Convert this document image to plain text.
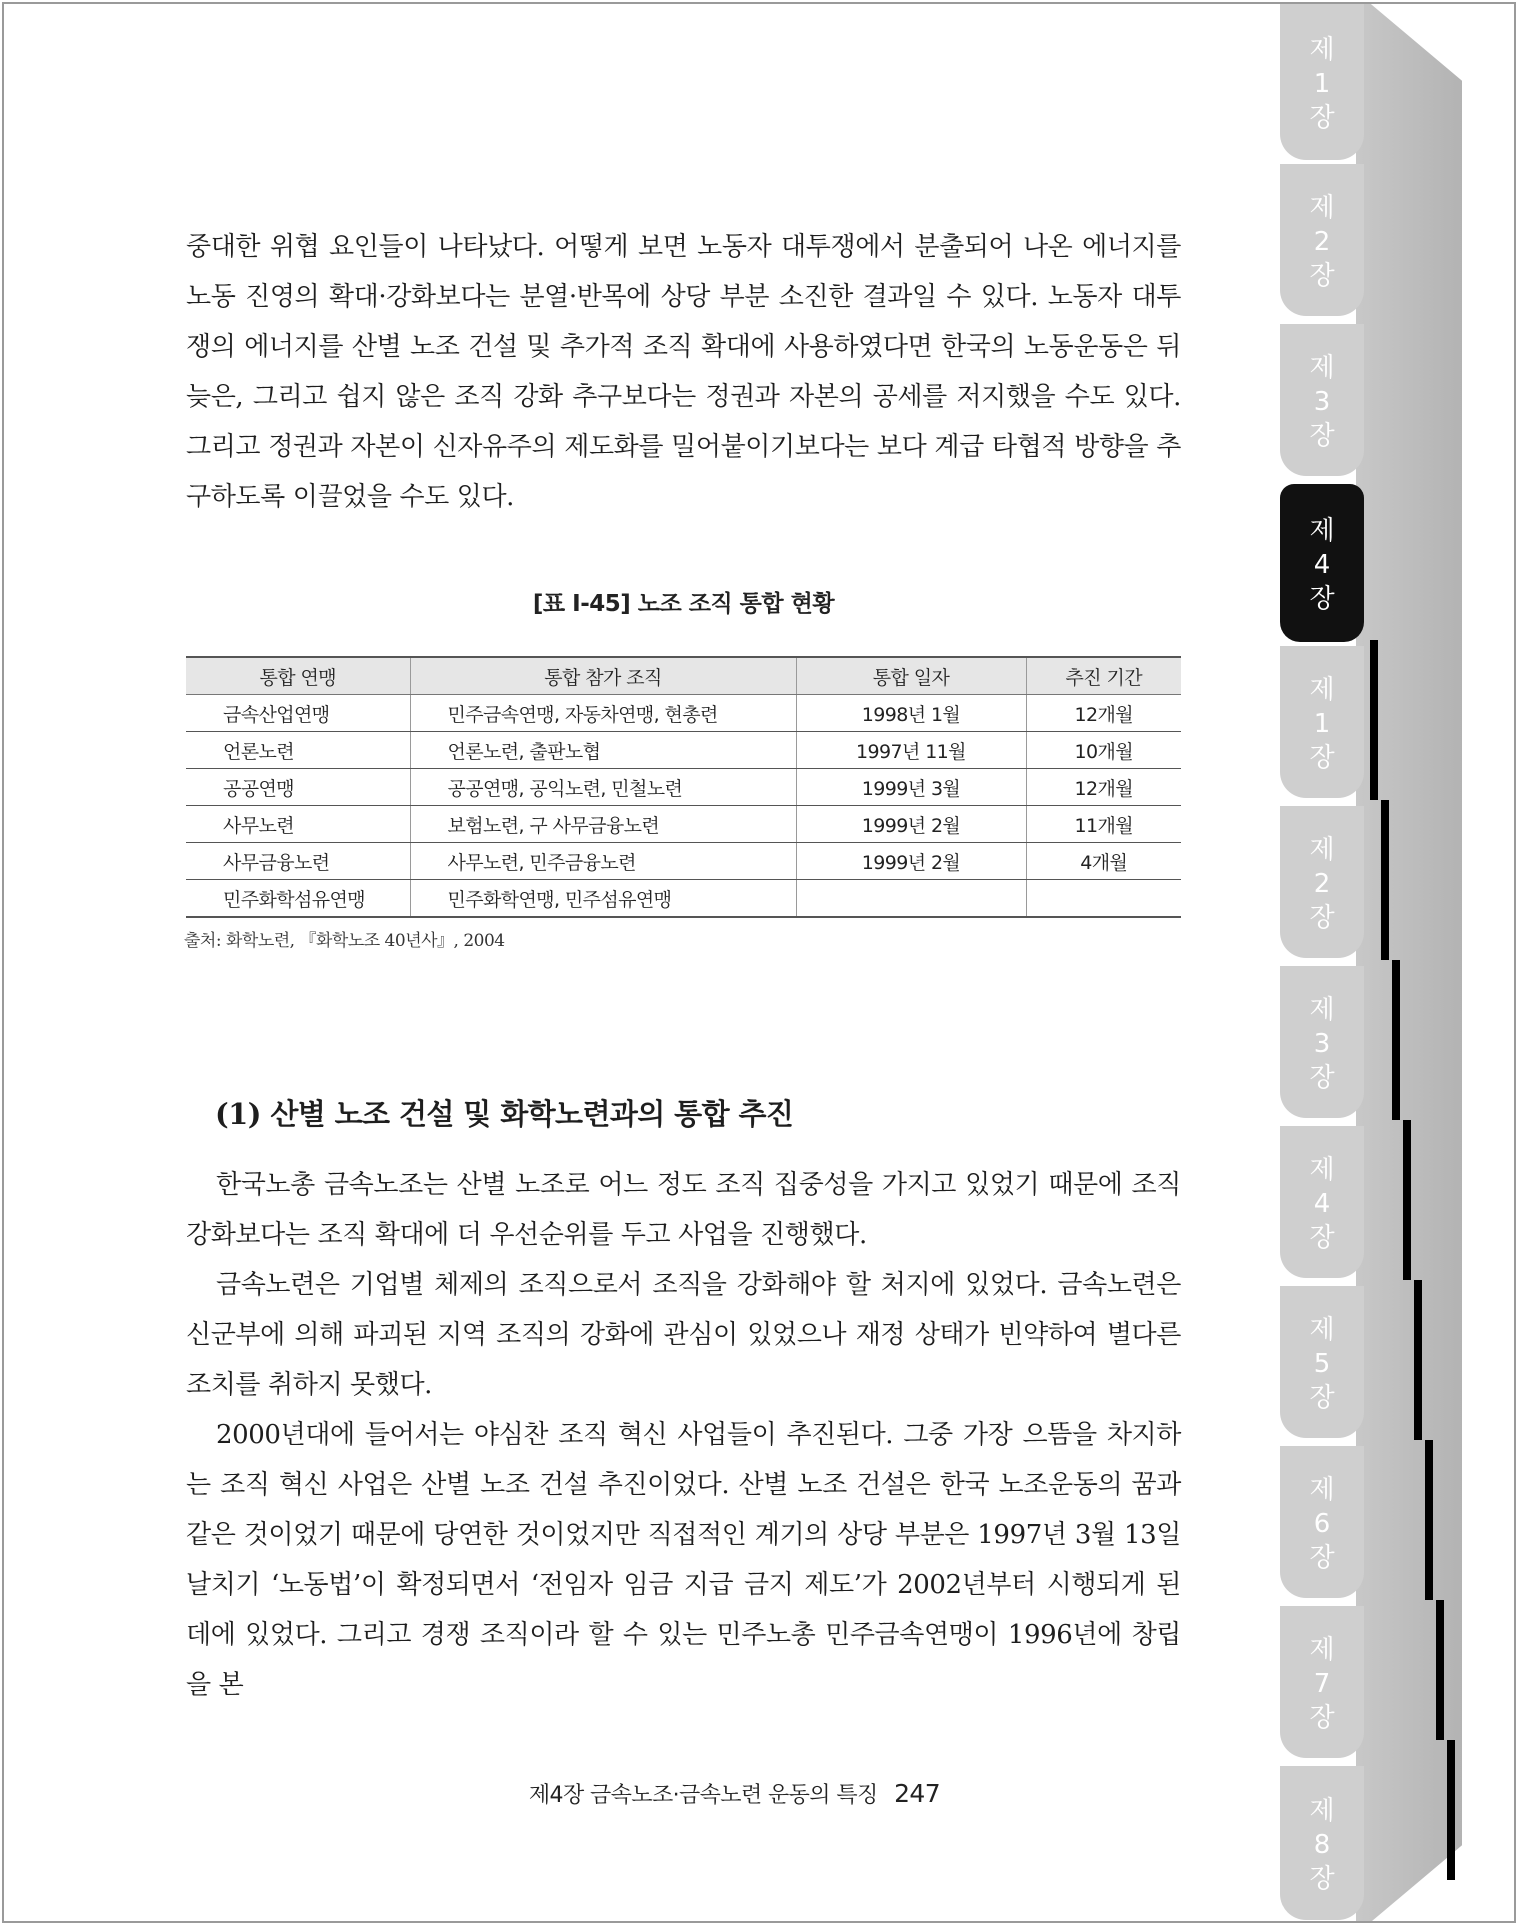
중대한 위협 요인들이 나타났다. 어떻게 보면 노동자 대투쟁에서 분출되어 나온 에너지를 노동 진영의 확대·강화보다는 분열·반목에 상당 부분 소진한 결과일 수 있다. 노동자 대투쟁의 에너지를 산별 노조 건설 및 추가적 조직 확대에 사용하였다면 한국의 노동운동은 뒤늦은, 그리고 쉽지 않은 조직 강화 추구보다는 정권과 자본의 공세를 저지했을 수도 있다. 그리고 정권과 자본이 신자유주의 제도화를 밀어붙이기보다는 보다 계급 타협적 방향을 추구하도록 이끌었을 수도 있다.

[표 Ⅰ-45] 노조 조직 통합 현황
통합 연맹	통합 참가 조직	통합 일자	추진 기간
금속산업연맹	민주금속연맹, 자동차연맹, 현총련	1998년 1월	12개월
언론노련	언론노련, 출판노협	1997년 11월	10개월
공공연맹	공공연맹, 공익노련, 민철노련	1999년 3월	12개월
사무노련	보험노련, 구 사무금융노련	1999년 2월	11개월
사무금융노련	사무노련, 민주금융노련	1999년 2월	4개월
민주화학섬유연맹	민주화학연맹, 민주섬유연맹		
출처: 화학노련, 『화학노조 40년사』, 2004
(1) 산별 노조 건설 및 화학노련과의 통합 추진

한국노총 금속노조는 산별 노조로 어느 정도 조직 집중성을 가지고 있었기 때문에 조직 강화보다는 조직 확대에 더 우선순위를 두고 사업을 진행했다.

금속노련은 기업별 체제의 조직으로서 조직을 강화해야 할 처지에 있었다. 금속노련은 신군부에 의해 파괴된 지역 조직의 강화에 관심이 있었으나 재정 상태가 빈약하여 별다른 조치를 취하지 못했다.

2000년대에 들어서는 야심찬 조직 혁신 사업들이 추진된다. 그중 가장 으뜸을 차지하는 조직 혁신 사업은 산별 노조 건설 추진이었다. 산별 노조 건설은 한국 노조운동의 꿈과 같은 것이었기 때문에 당연한 것이었지만 직접적인 계기의 상당 부분은 1997년 3월 13일 날치기 ‘노동법’이 확정되면서 ‘전임자 임금 지급 금지 제도’가 2002년부터 시행되게 된 데에 있었다. 그리고 경쟁 조직이라 할 수 있는 민주노총 민주금속연맹이 1996년에 창립을 본

제4장 금속노조·금속노련 운동의 특징 247
제
1
장
제
2
장
제
3
장
제
4
장
제
1
장
제
2
장
제
3
장
제
4
장
제
5
장
제
6
장
제
7
장
제
8
장
